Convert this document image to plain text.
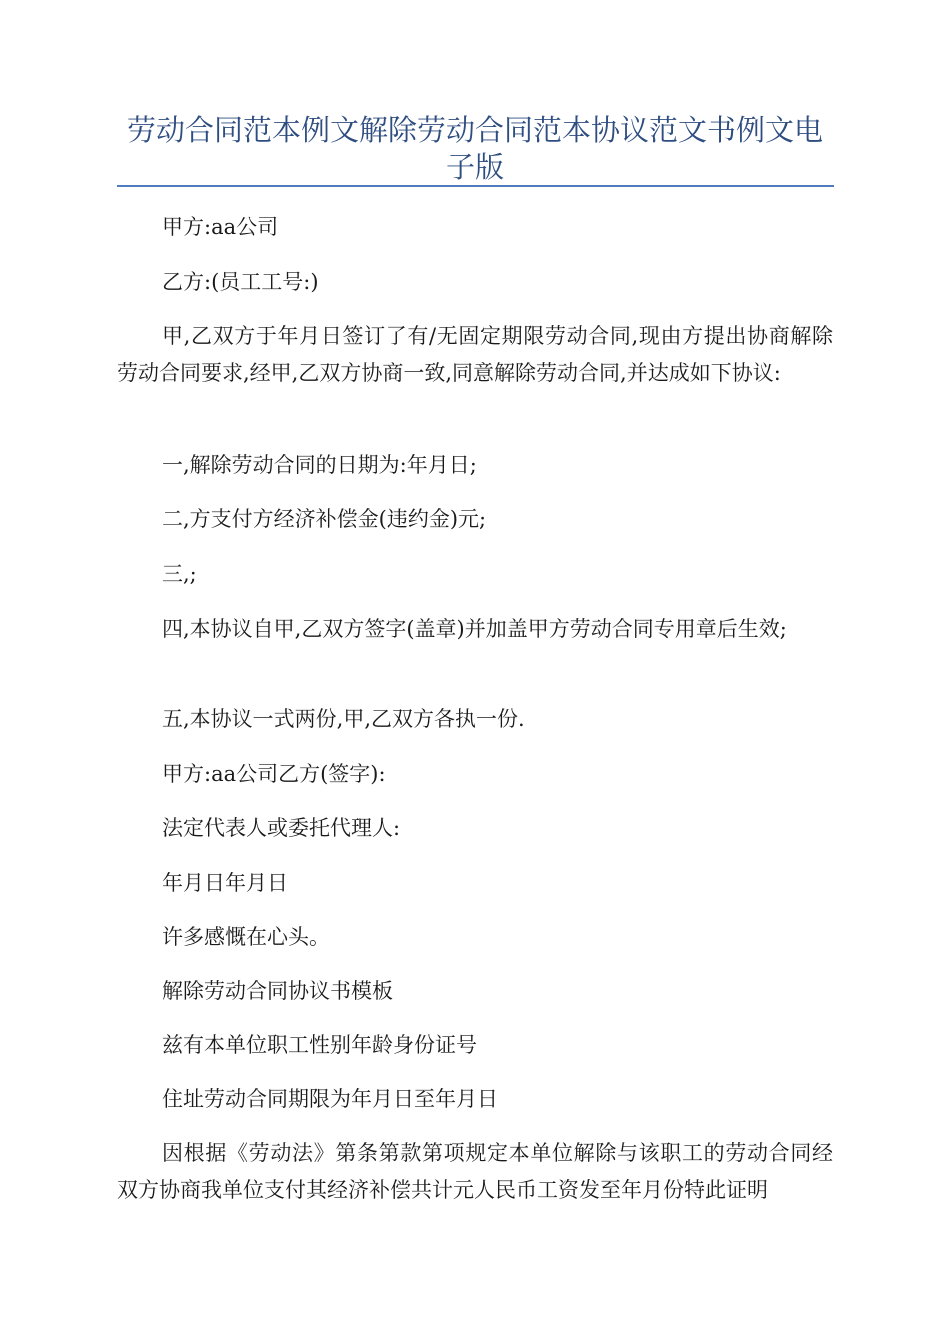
劳动合同范本例文解除劳动合同范本协议范文书例文电子版

甲方:aa公司

乙方:(员工工号:)

甲,乙双方于年月日签订了有/无固定期限劳动合同,现由方提出协商解除劳动合同要求,经甲,乙双方协商一致,同意解除劳动合同,并达成如下协议:

一,解除劳动合同的日期为:年月日;

二,方支付方经济补偿金(违约金)元;

三,;

四,本协议自甲,乙双方签字(盖章)并加盖甲方劳动合同专用章后生效;

五,本协议一式两份,甲,乙双方各执一份.

甲方:aa公司乙方(签字):

法定代表人或委托代理人:

年月日年月日

许多感慨在心头。

解除劳动合同协议书模板

兹有本单位职工性别年龄身份证号

住址劳动合同期限为年月日至年月日

因根据《劳动法》第条第款第项规定本单位解除与该职工的劳动合同经双方协商我单位支付其经济补偿共计元人民币工资发至年月份特此证明
